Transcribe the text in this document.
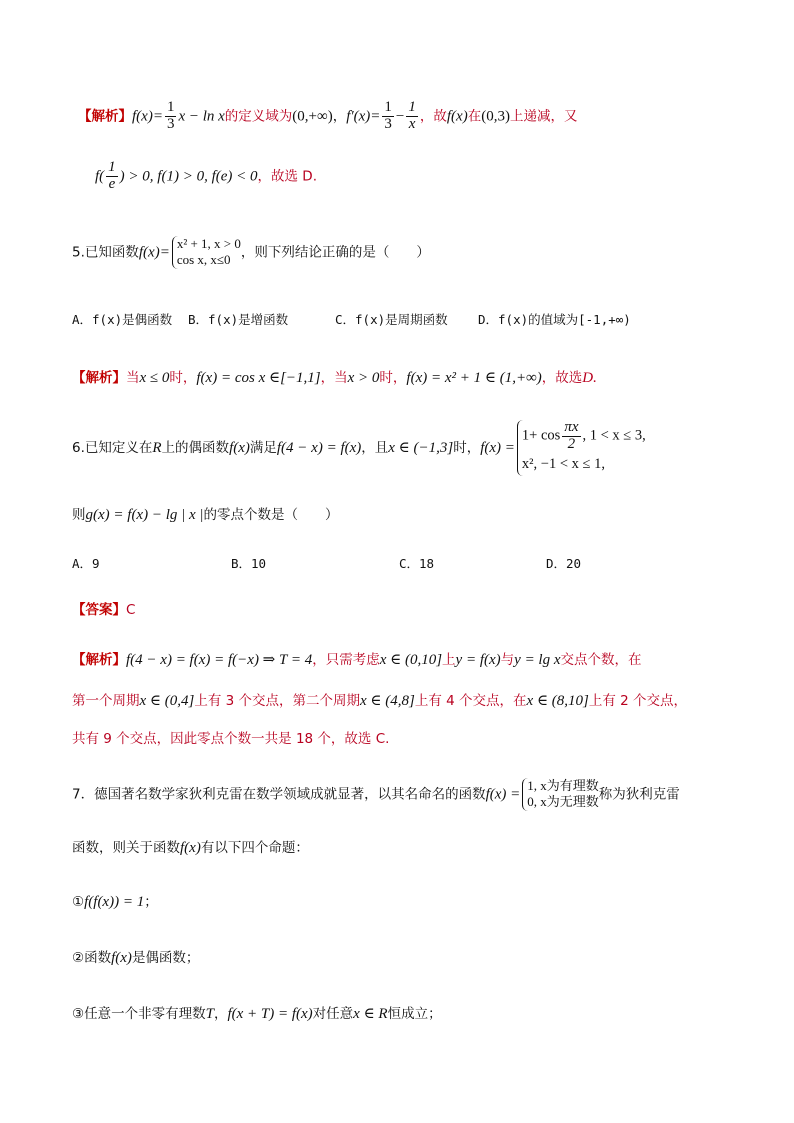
【解析】$f(x)= \frac{1}{3}$ x − ln x的定义域为(0,+∞)，$f'(x)= \frac{1}{3} - \frac{1}{x}$ ，故f(x)在(0,3)上递减，又
$f( \frac{1}{e}$ ) > 0, f(1) > 0, f(e) < 0，故选 D.
5.已知函数f(x)=
x² + 1, x > 0
cos x, x≤0 ，则下列结论正确的是（　　）
A．f(x)是偶函数 B．f(x)是增函数	C．f(x)是周期函数 D．f(x)的值域为[-1,+∞)
【解析】当x ≤ 0时，f(x) = cos x ∈[−1,1]，当x > 0时，f(x) = x² + 1 ∈ (1,+∞)，故选D.
6.已知定义在R上的偶函数f(x)满足f(4 − x) = f(x)，且x ∈ (−1,3]时，f(x) =
$1+ \cos \frac{\pi x}{2}$ , 1 < x ≤ 3,
x², −1 < x ≤ 1,
则g(x) = f(x) − lg | x |的零点个数是（　　）
A．9	B．10	C．18	D．20
【答案】C
【解析】f(4 − x) = f(x) = f(−x) ⇒ T = 4，只需考虑x ∈ (0,10]上y = f(x)与y = lg x交点个数，在
第一个周期x ∈ (0,4]上有 3 个交点，第二个周期x ∈ (4,8]上有 4 个交点，在x ∈ (8,10]上有 2 个交点，
共有 9 个交点，因此零点个数一共是 18 个，故选 C.
7．德国著名数学家狄利克雷在数学领域成就显著，以其名命名的函数f(x) =
1, x为有理数
0, x为无理数 称为狄利克雷
函数，则关于函数f(x)有以下四个命题：
①f(f(x)) = 1；
②函数f(x)是偶函数；
③任意一个非零有理数T，f(x + T) = f(x)对任意x ∈ R恒成立；
